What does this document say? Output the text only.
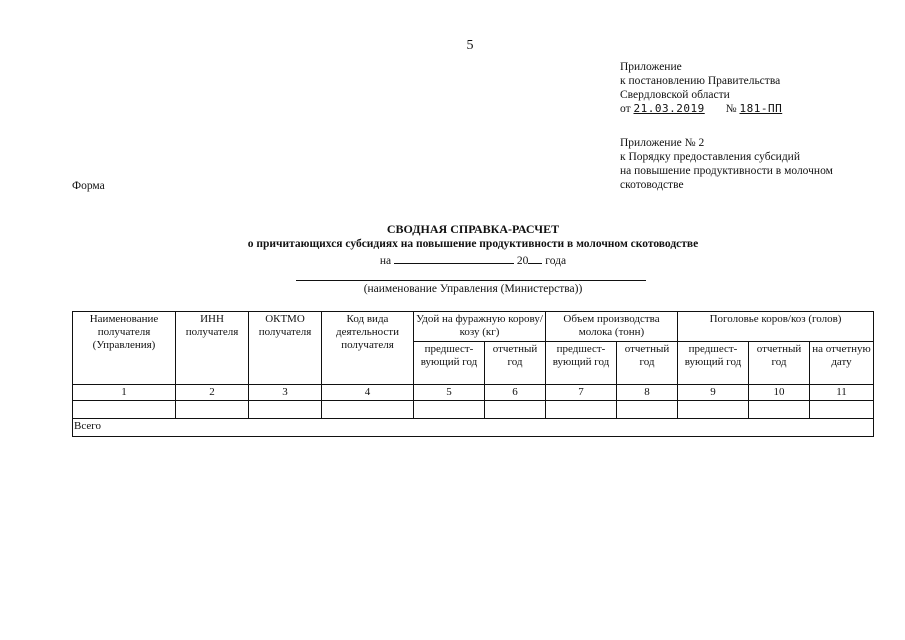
5
Приложение
к постановлению Правительства
Свердловской области
от 21.03.2019 № 181-ПП
Приложение № 2
к Порядку предоставления субсидий
на повышение продуктивности в молочном
скотоводстве
Форма
СВОДНАЯ СПРАВКА-РАСЧЕТ
о причитающихся субсидиях на повышение продуктивности в молочном скотоводстве
на	20 года
(наименование Управления (Министерства))
Наименование получателя (Управления)	ИНН получателя	ОКТМО получателя	Код вида деятельности получателя	Удой на фуражную корову/козу (кг)		Объем производства молока (тонн)		Поголовье коров/коз (голов)		
				предшест-вующий год	отчетный год	предшест-вующий год	отчетный год	предшест-вующий год	отчетный год	на отчетную дату
1	2	3	4	5	6	7	8	9	10	11

Всего										
